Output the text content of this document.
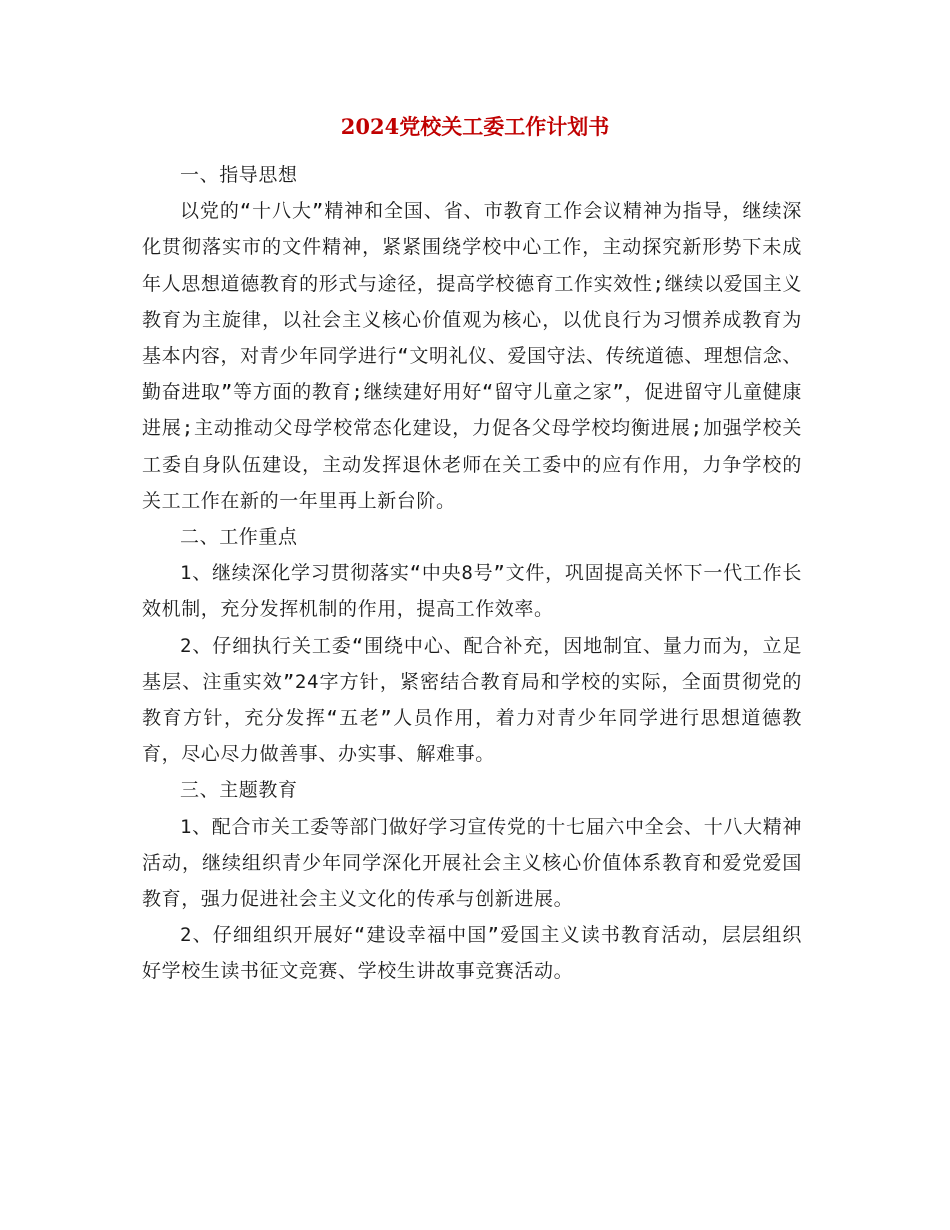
2024党校关工委工作计划书

一、指导思想

以党的“十八大”精神和全国、省、市教育工作会议精神为指导，继续深化贯彻落实市的文件精神，紧紧围绕学校中心工作，主动探究新形势下未成年人思想道德教育的形式与途径，提高学校德育工作实效性;继续以爱国主义教育为主旋律，以社会主义核心价值观为核心，以优良行为习惯养成教育为基本内容，对青少年同学进行“文明礼仪、爱国守法、传统道德、理想信念、勤奋进取”等方面的教育;继续建好用好“留守儿童之家”，促进留守儿童健康进展;主动推动父母学校常态化建设，力促各父母学校均衡进展;加强学校关工委自身队伍建设，主动发挥退休老师在关工委中的应有作用，力争学校的关工工作在新的一年里再上新台阶。

二、工作重点

1、继续深化学习贯彻落实“中央8号”文件，巩固提高关怀下一代工作长效机制，充分发挥机制的作用，提高工作效率。

2、仔细执行关工委“围绕中心、配合补充，因地制宜、量力而为，立足基层、注重实效”24字方针，紧密结合教育局和学校的实际，全面贯彻党的教育方针，充分发挥“五老”人员作用，着力对青少年同学进行思想道德教育，尽心尽力做善事、办实事、解难事。

三、主题教育

1、配合市关工委等部门做好学习宣传党的十七届六中全会、十八大精神活动，继续组织青少年同学深化开展社会主义核心价值体系教育和爱党爱国教育，强力促进社会主义文化的传承与创新进展。

2、仔细组织开展好“建设幸福中国”爱国主义读书教育活动，层层组织好学校生读书征文竞赛、学校生讲故事竞赛活动。
